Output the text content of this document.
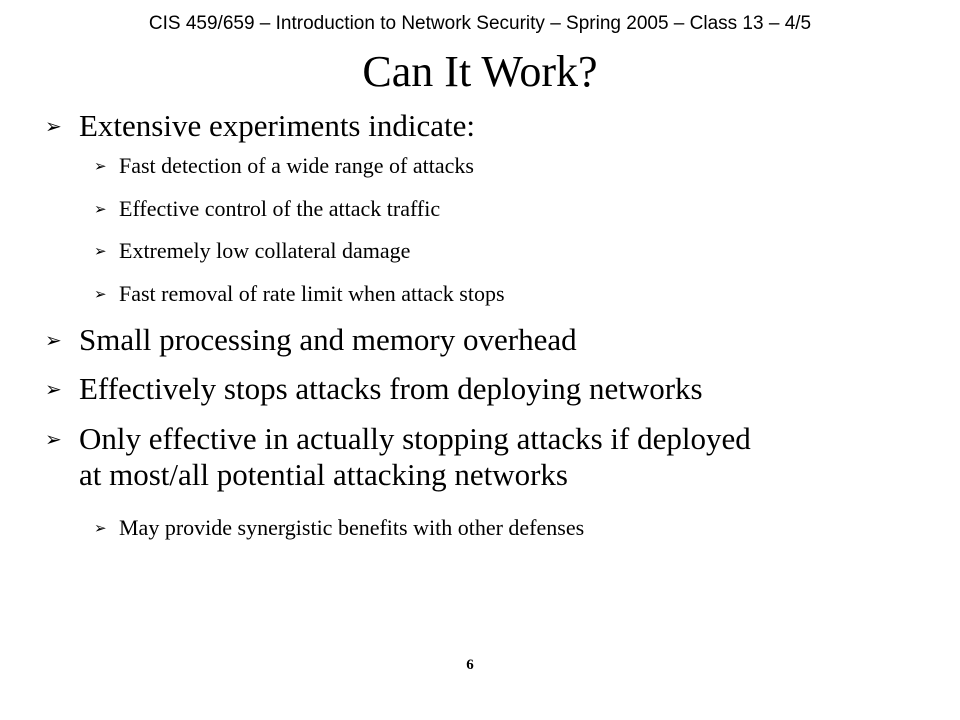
CIS 459/659 – Introduction to Network Security – Spring 2005 – Class 13 – 4/5
Can It Work?
➢ Extensive experiments indicate:
➢ Fast detection of a wide range of attacks
➢ Effective control of the attack traffic
➢ Extremely low collateral damage
➢ Fast removal of rate limit when attack stops
➢ Small processing and memory overhead
➢ Effectively stops attacks from deploying networks
➢ Only effective in actually stopping attacks if deployed
at most/all potential attacking networks
➢ May provide synergistic benefits with other defenses
6
